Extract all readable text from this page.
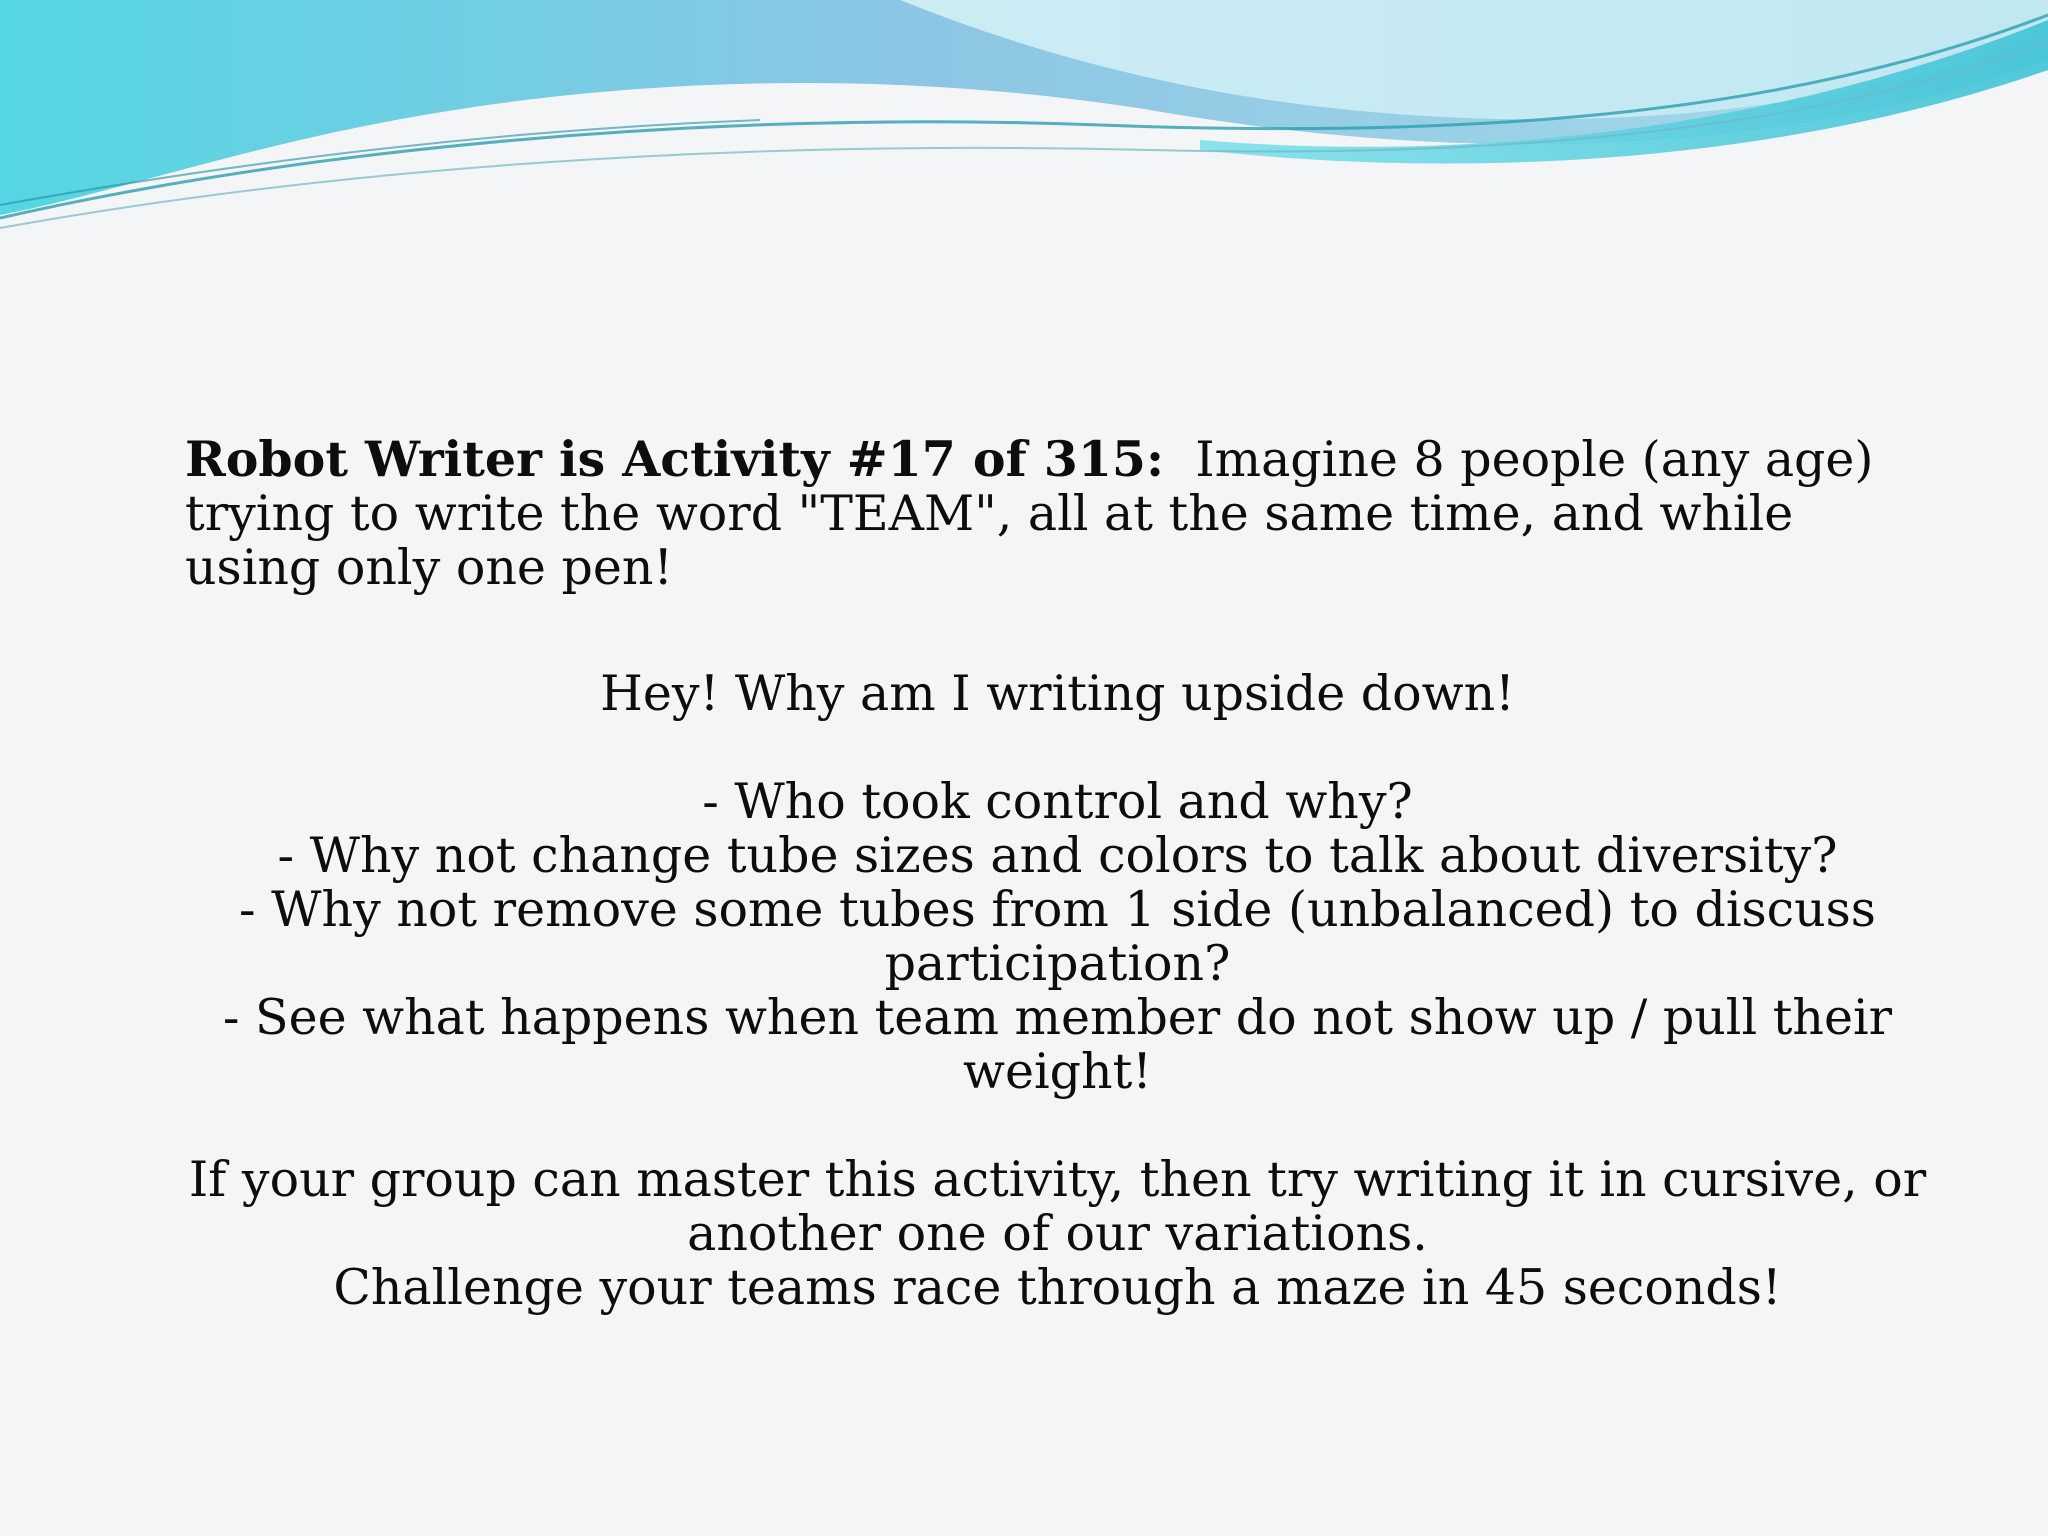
Robot Writer is Activity #17 of 315: Imagine 8 people (any age) trying to write the word "TEAM", all at the same time, and while using only one pen!

Hey! Why am I writing upside down!

- Who took control and why?
- Why not change tube sizes and colors to talk about diversity?
- Why not remove some tubes from 1 side (unbalanced) to discuss participation?
- See what happens when team member do not show up / pull their weight!
If your group can master this activity, then try writing it in cursive, or another one of our variations.
Challenge your teams race through a maze in 45 seconds!
